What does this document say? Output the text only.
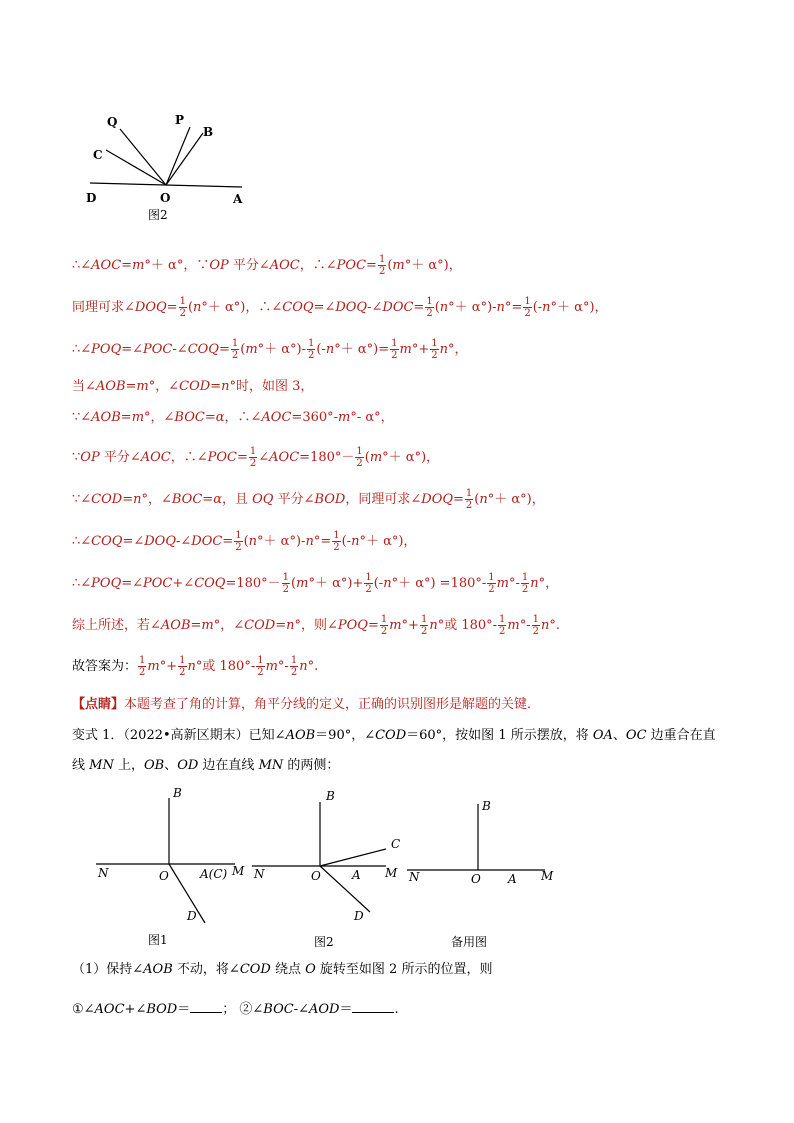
Q
C
P
B
D	O	A
图2
∴∠AOC=m°＋ α°，∵OP 平分∠AOC，∴∠POC= $\frac{1}{2} (m^\circ+ \alpha^\circ)$，
同理可求∠DOQ= $\frac{1}{2} (n^\circ+ \alpha^\circ)$，∴∠COQ=∠DOQ-∠DOC= $\frac{1}{2} (n^\circ+ \alpha^\circ)-n^\circ= \frac{1}{2} (-n^\circ+ \alpha^\circ)$，
∴∠POQ=∠POC-∠COQ= $\frac{1}{2} (m^\circ+ \alpha^\circ)- \frac{1}{2} (-n^\circ+ \alpha^\circ)= \frac{1}{2} m^\circ+ \frac{1}{2} n^\circ$，
当∠AOB=m°，∠COD=n°时，如图 3，
∵∠AOB=m°，∠BOC=α，∴∠AOC=360°-m°- α°，
∵OP 平分∠AOC，∴∠POC= $\frac{1}{2}$ ∠AOC=180°－ $\frac{1}{2} (m^\circ+ \alpha^\circ)$，
∵∠COD=n°，∠BOC=α，且 OQ 平分∠BOD，同理可求∠DOQ= $\frac{1}{2} (n^\circ+ \alpha^\circ)$，
∴∠COQ=∠DOQ-∠DOC= $\frac{1}{2} (n^\circ+ \alpha^\circ)-n^\circ= \frac{1}{2} (-n^\circ+ \alpha^\circ)$，
∴∠POQ=∠POC+∠COQ=180°－ $\frac{1}{2} (m^\circ+ \alpha^\circ)+ \frac{1}{2} (-n^\circ+ \alpha^\circ) =180^\circ- \frac{1}{2} m^\circ- \frac{1}{2} n^\circ$，
综上所述，若∠AOB=m°，∠COD=n°，则∠POQ= $\frac{1}{2} m^\circ+ \frac{1}{2} n^\circ$或 $180^\circ- \frac{1}{2} m^\circ- \frac{1}{2} n^\circ$.
故答案为： $\frac{1}{2} m^\circ+ \frac{1}{2} n^\circ$或 $180^\circ- \frac{1}{2} m^\circ- \frac{1}{2} n^\circ$.
【点睛】本题考查了角的计算，角平分线的定义，正确的识别图形是解题的关键．
变式 1．（2022•高新区期末）已知∠AOB＝90°，∠COD＝60°，按如图 1 所示摆放，将 OA、OC 边重合在直
线 MN 上，OB、OD 边在直线 MN 的两侧：
B
N	O	A(C) M
D
图1
B
C
N	O	A M
D
图2
B
N	O A M
备用图
（1）保持∠AOB 不动，将∠COD 绕点 O 旋转至如图 2 所示的位置，则
①∠AOC+∠BOD＝ ； ②∠BOC-∠AOD＝	.
